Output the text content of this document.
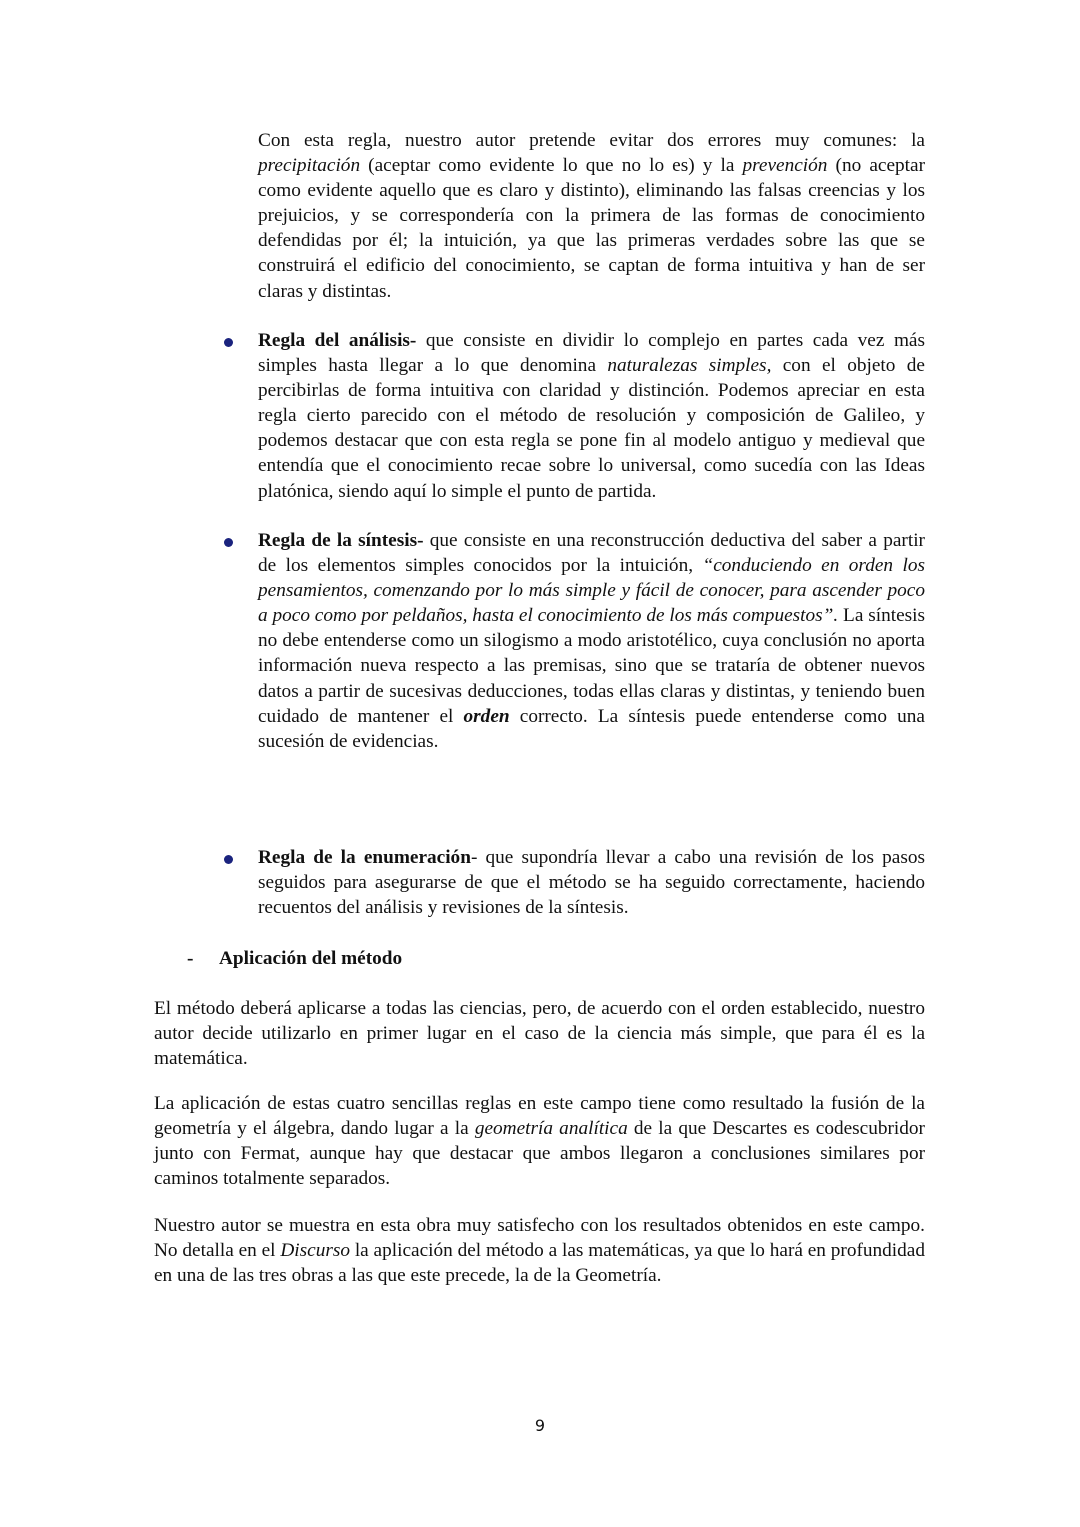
Con esta regla, nuestro autor pretende evitar dos errores muy comunes: la precipitación (aceptar como evidente lo que no lo es) y la prevención (no aceptar como evidente aquello que es claro y distinto), eliminando las falsas creencias y los prejuicios, y se correspondería con la primera de las formas de conocimiento defendidas por él; la intuición, ya que las primeras verdades sobre las que se construirá el edificio del conocimiento, se captan de forma intuitiva y han de ser claras y distintas.

Regla del análisis- que consiste en dividir lo complejo en partes cada vez más simples hasta llegar a lo que denomina naturalezas simples, con el objeto de percibirlas de forma intuitiva con claridad y distinción. Podemos apreciar en esta regla cierto parecido con el método de resolución y composición de Galileo, y podemos destacar que con esta regla se pone fin al modelo antiguo y medieval que entendía que el conocimiento recae sobre lo universal, como sucedía con las Ideas platónica, siendo aquí lo simple el punto de partida.

Regla de la síntesis- que consiste en una reconstrucción deductiva del saber a partir de los elementos simples conocidos por la intuición, “conduciendo en orden los pensamientos, comenzando por lo más simple y fácil de conocer, para ascender poco a poco como por peldaños, hasta el conocimiento de los más compuestos”. La síntesis no debe entenderse como un silogismo a modo aristotélico, cuya conclusión no aporta información nueva respecto a las premisas, sino que se trataría de obtener nuevos datos a partir de sucesivas deducciones, todas ellas claras y distintas, y teniendo buen cuidado de mantener el orden correcto. La síntesis puede entenderse como una sucesión de evidencias.

Regla de la enumeración- que supondría llevar a cabo una revisión de los pasos seguidos para asegurarse de que el método se ha seguido correctamente, haciendo recuentos del análisis y revisiones de la síntesis.

- Aplicación del método

El método deberá aplicarse a todas las ciencias, pero, de acuerdo con el orden establecido, nuestro autor decide utilizarlo en primer lugar en el caso de la ciencia más simple, que para él es la matemática.

La aplicación de estas cuatro sencillas reglas en este campo tiene como resultado la fusión de la geometría y el álgebra, dando lugar a la geometría analítica de la que Descartes es codescubridor junto con Fermat, aunque hay que destacar que ambos llegaron a conclusiones similares por caminos totalmente separados.

Nuestro autor se muestra en esta obra muy satisfecho con los resultados obtenidos en este campo. No detalla en el Discurso la aplicación del método a las matemáticas, ya que lo hará en profundidad en una de las tres obras a las que este precede, la de la Geometría.

9
